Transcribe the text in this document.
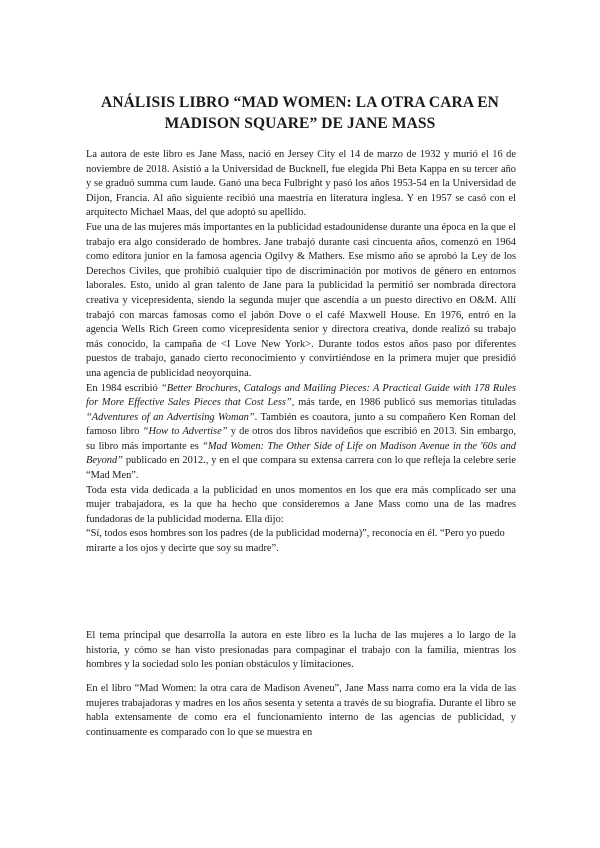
ANÁLISIS LIBRO “MAD WOMEN: LA OTRA CARA EN
MADISON SQUARE” DE JANE MASS

La autora de este libro es Jane Mass, nació en Jersey City el 14 de marzo de 1932 y murió el 16 de noviembre de 2018. Asistió a la Universidad de Bucknell, fue elegida Phi Beta Kappa en su tercer año y se graduó summa cum laude. Ganó una beca Fulbright y pasó los años 1953-54 en la Universidad de Dijon, Francia. Al año siguiente recibió una maestría en literatura inglesa. Y en 1957 se casó con el arquitecto Michael Maas, del que adoptó su apellido.

Fue una de las mujeres más importantes en la publicidad estadounidense durante una época en la que el trabajo era algo considerado de hombres. Jane trabajó durante casi cincuenta años, comenzó en 1964 como editora junior en la famosa agencia Ogilvy & Mathers. Ese mismo año se aprobó la Ley de los Derechos Civiles, que prohibió cualquier tipo de discriminación por motivos de género en entornos laborales. Esto, unido al gran talento de Jane para la publicidad la permitió ser nombrada directora creativa y vicepresidenta, siendo la segunda mujer que ascendía a un puesto directivo en O&M. Allí trabajó con marcas famosas como el jabón Dove o el café Maxwell House. En 1976, entró en la agencia Wells Rich Green como vicepresidenta senior y directora creativa, donde realizó su trabajo más conocido, la campaña de <I Love New York>. Durante todos estos años paso por diferentes puestos de trabajo, ganado cierto reconocimiento y convirtiéndose en la primera mujer que presidió una agencia de publicidad neoyorquina.

En 1984 escribió “Better Brochures, Catalogs and Mailing Pieces: A Practical Guide with 178 Rules for More Effective Sales Pieces that Cost Less”, más tarde, en 1986 publicó sus memorias tituladas “Adventures of an Advertising Woman”. También es coautora, junto a su compañero Ken Roman del famoso libro “How to Advertise” y de otros dos libros navideños que escribió en 2013. Sin embargo, su libro más importante es “Mad Women: The Other Side of Life on Madison Avenue in the '60s and Beyond” publicado en 2012., y en el que compara su extensa carrera con lo que refleja la celebre serie “Mad Men”.

Toda esta vida dedicada a la publicidad en unos momentos en los que era más complicado ser una mujer trabajadora, es la que ha hecho que consideremos a Jane Mass como una de las madres fundadoras de la publicidad moderna. Ella dijo:

“Sí, todos esos hombres son los padres (de la publicidad moderna)”, reconocía en él. “Pero yo puedo mirarte a los ojos y decirte que soy su madre”.

El tema principal que desarrolla la autora en este libro es la lucha de las mujeres a lo largo de la historia, y cómo se han visto presionadas para compaginar el trabajo con la familia, mientras los hombres y la sociedad solo les ponían obstáculos y limitaciones.

En el libro “Mad Women: la otra cara de Madison Aveneu”, Jane Mass narra como era la vida de las mujeres trabajadoras y madres en los años sesenta y setenta a través de su biografía. Durante el libro se habla extensamente de como era el funcionamiento interno de las agencias de publicidad, y continuamente es comparado con lo que se muestra en
